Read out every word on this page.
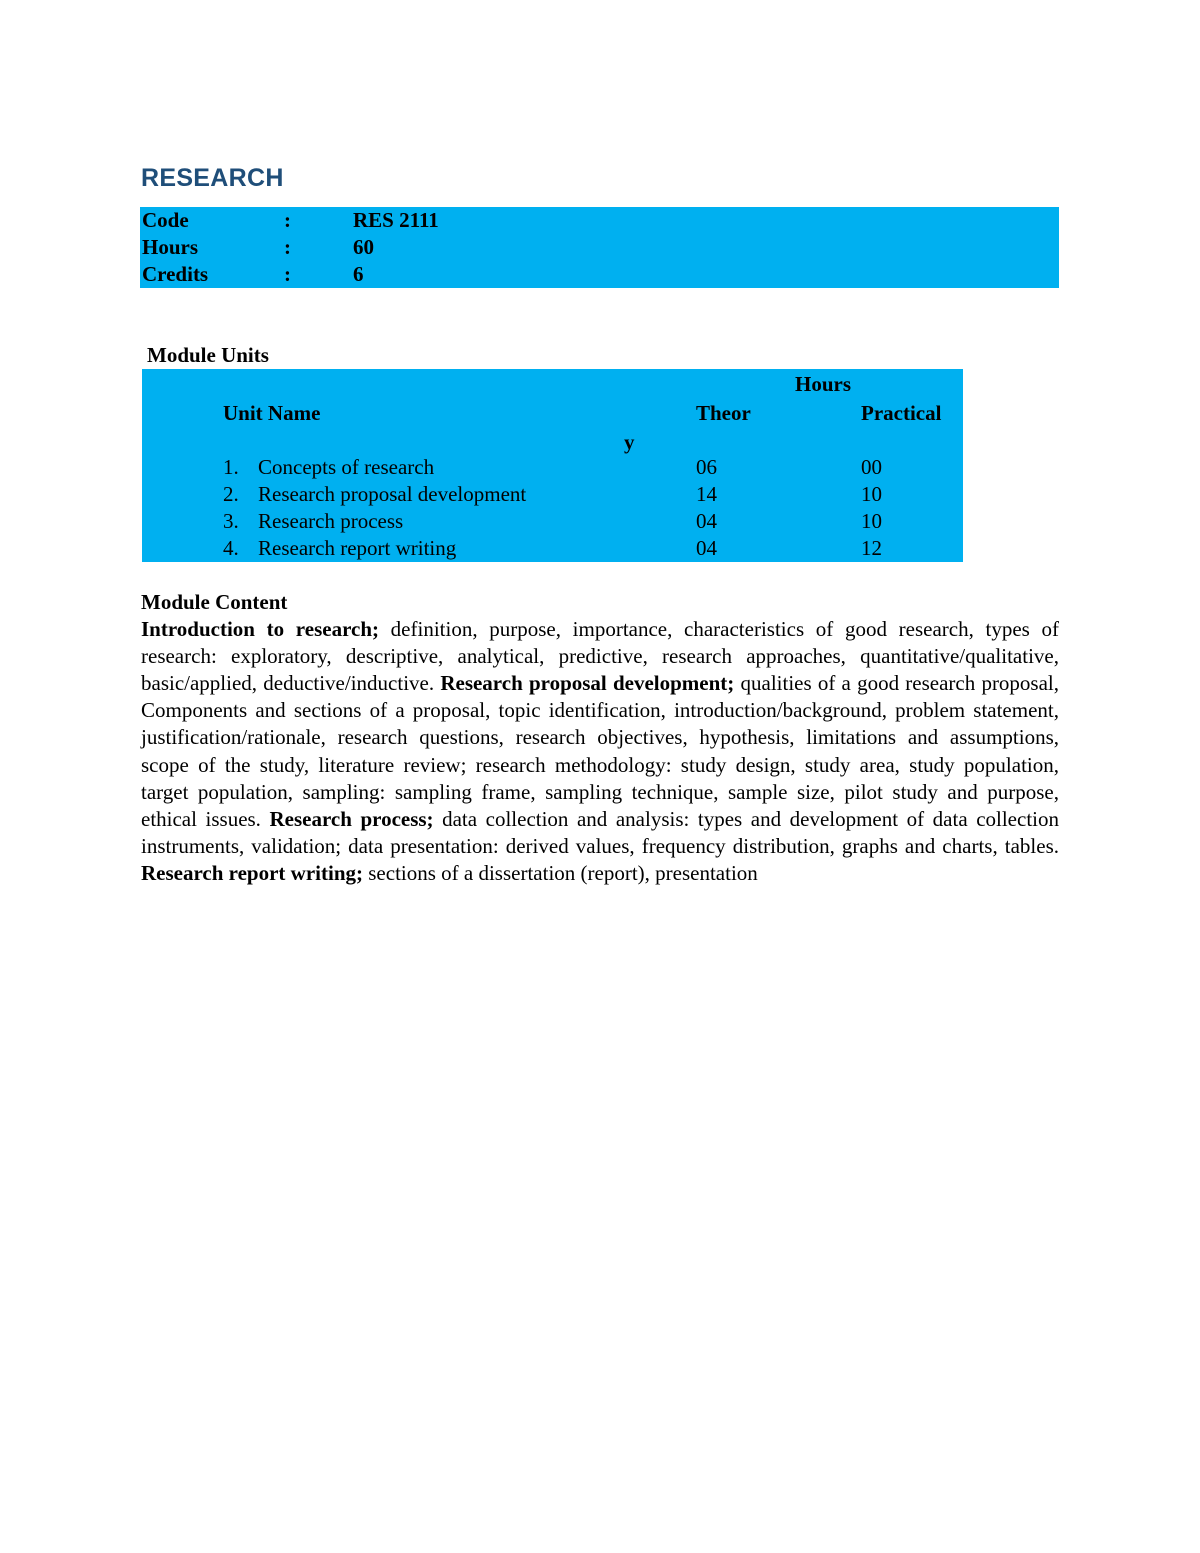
RESEARCH
Code	:	RES 2111
Hours	:	60
Credits	:	6
Module Units
Hours
Unit Name	Theor	Practical
y
1. Concepts of research	06	00
2. Research proposal development	14	10
3. Research process	04	10
4. Research report writing	04	12
Module Content

Introduction to research; definition, purpose, importance, characteristics of good research, types of research: exploratory, descriptive, analytical, predictive, research approaches, quantitative/qualitative, basic/applied, deductive/inductive. Research proposal development; qualities of a good research proposal, Components and sections of a proposal, topic identification, introduction/background, problem statement, justification/rationale, research questions, research objectives, hypothesis, limitations and assumptions, scope of the study, literature review; research methodology: study design, study area, study population, target population, sampling: sampling frame, sampling technique, sample size, pilot study and purpose, ethical issues. Research process; data collection and analysis: types and development of data collection instruments, validation; data presentation: derived values, frequency distribution, graphs and charts, tables. Research report writing; sections of a dissertation (report), presentation
